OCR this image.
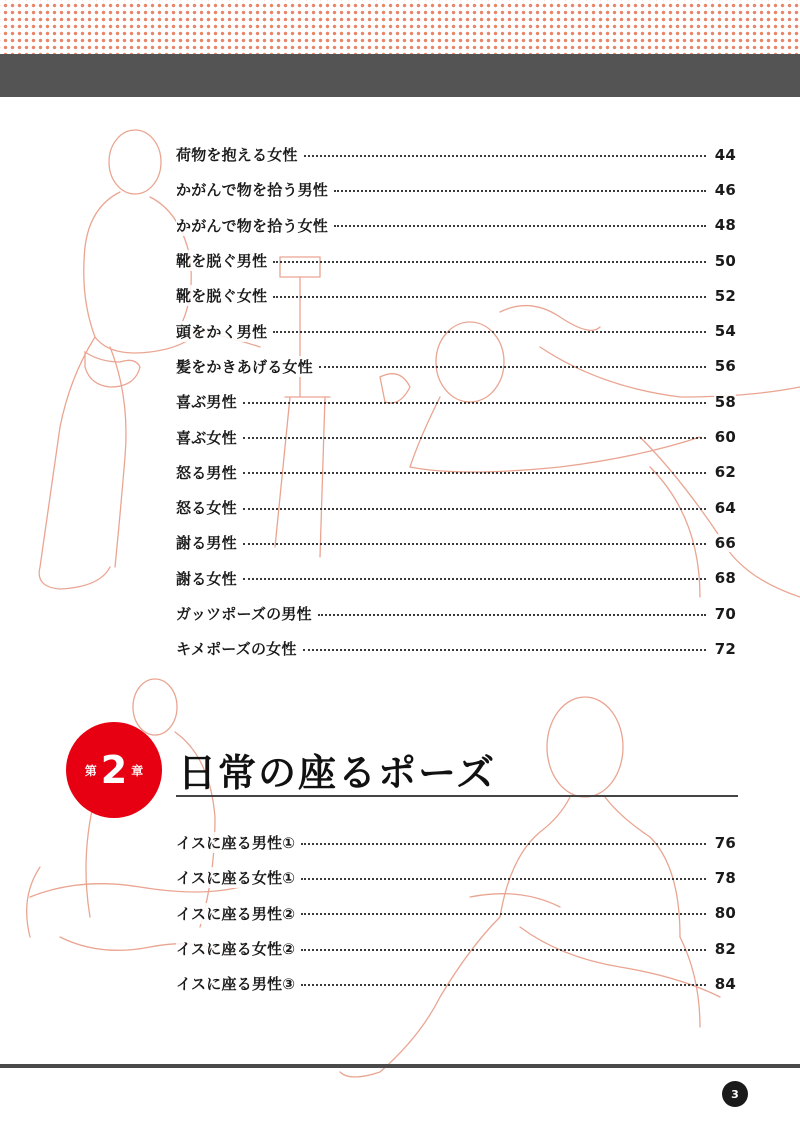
荷物を抱える女性	44
かがんで物を拾う男性	46
かがんで物を拾う女性	48
靴を脱ぐ男性	50
靴を脱ぐ女性	52
頭をかく男性	54
髪をかきあげる女性	56
喜ぶ男性	58
喜ぶ女性	60
怒る男性	62
怒る女性	64
謝る男性	66
謝る女性	68
ガッツポーズの男性	70
キメポーズの女性	72
第 2 章 日常の座るポーズ
イスに座る男性①	76
イスに座る女性①	78
イスに座る男性②	80
イスに座る女性②	82
イスに座る男性③	84
3
